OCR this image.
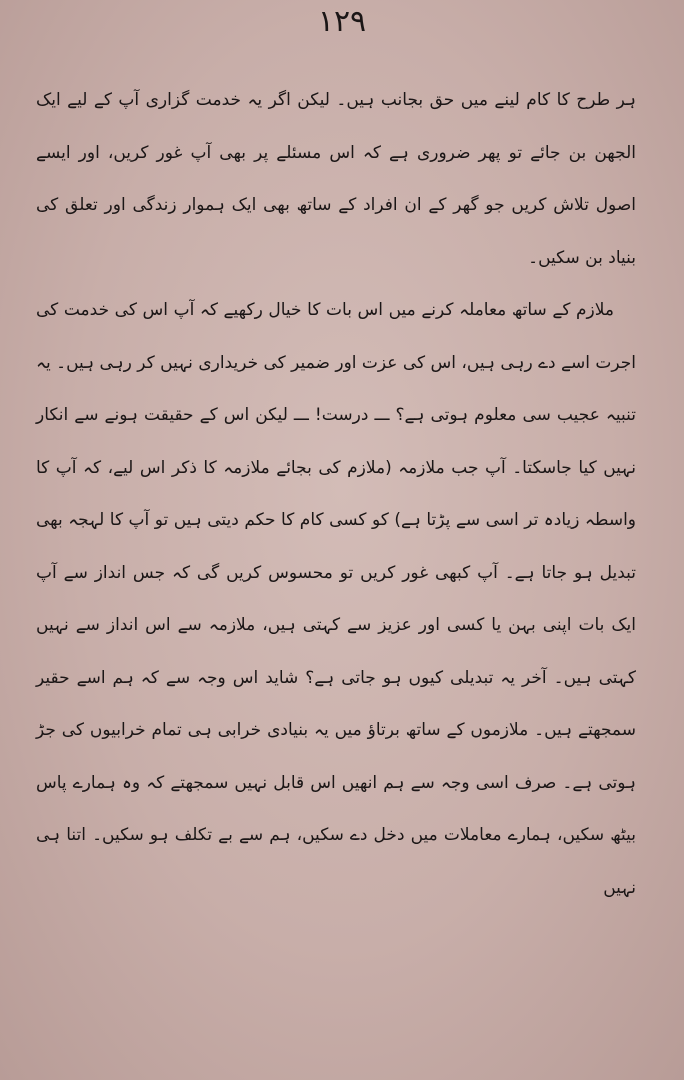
١٢٩

ہر طرح کا کام لینے میں حق بجانب ہیں۔ لیکن اگر یہ خدمت گزاری آپ کے لیے ایک الجھن بن جائے تو پھر ضروری ہے کہ اس مسئلے پر بھی آپ غور کریں، اور ایسے اصول تلاش کریں جو گھر کے ان افراد کے ساتھ بھی ایک ہموار زندگی اور تعلق کی بنیاد بن سکیں۔

ملازم کے ساتھ معاملہ کرنے میں اس بات کا خیال رکھیے کہ آپ اس کی خدمت کی اجرت اسے دے رہی ہیں، اس کی عزت اور ضمیر کی خریداری نہیں کر رہی ہیں۔ یہ تنبیہ عجیب سی معلوم ہوتی ہے؟ ـــ درست! ـــ لیکن اس کے حقیقت ہونے سے انکار نہیں کیا جاسکتا۔ آپ جب ملازمہ (ملازم کی بجائے ملازمہ کا ذکر اس لیے، کہ آپ کا واسطہ زیادہ تر اسی سے پڑتا ہے) کو کسی کام کا حکم دیتی ہیں تو آپ کا لہجہ بھی تبدیل ہو جاتا ہے۔ آپ کبھی غور کریں تو محسوس کریں گی کہ جس انداز سے آپ ایک بات اپنی بہن یا کسی اور عزیز سے کہتی ہیں، ملازمہ سے اس انداز سے نہیں کہتی ہیں۔ آخر یہ تبدیلی کیوں ہو جاتی ہے؟ شاید اس وجہ سے کہ ہم اسے حقیر سمجھتے ہیں۔ ملازموں کے ساتھ برتاؤ میں یہ بنیادی خرابی ہی تمام خرابیوں کی جڑ ہوتی ہے۔ صرف اسی وجہ سے ہم انھیں اس قابل نہیں سمجھتے کہ وہ ہمارے پاس بیٹھ سکیں، ہمارے معاملات میں دخل دے سکیں، ہم سے بے تکلف ہو سکیں۔ اتنا ہی نہیں
